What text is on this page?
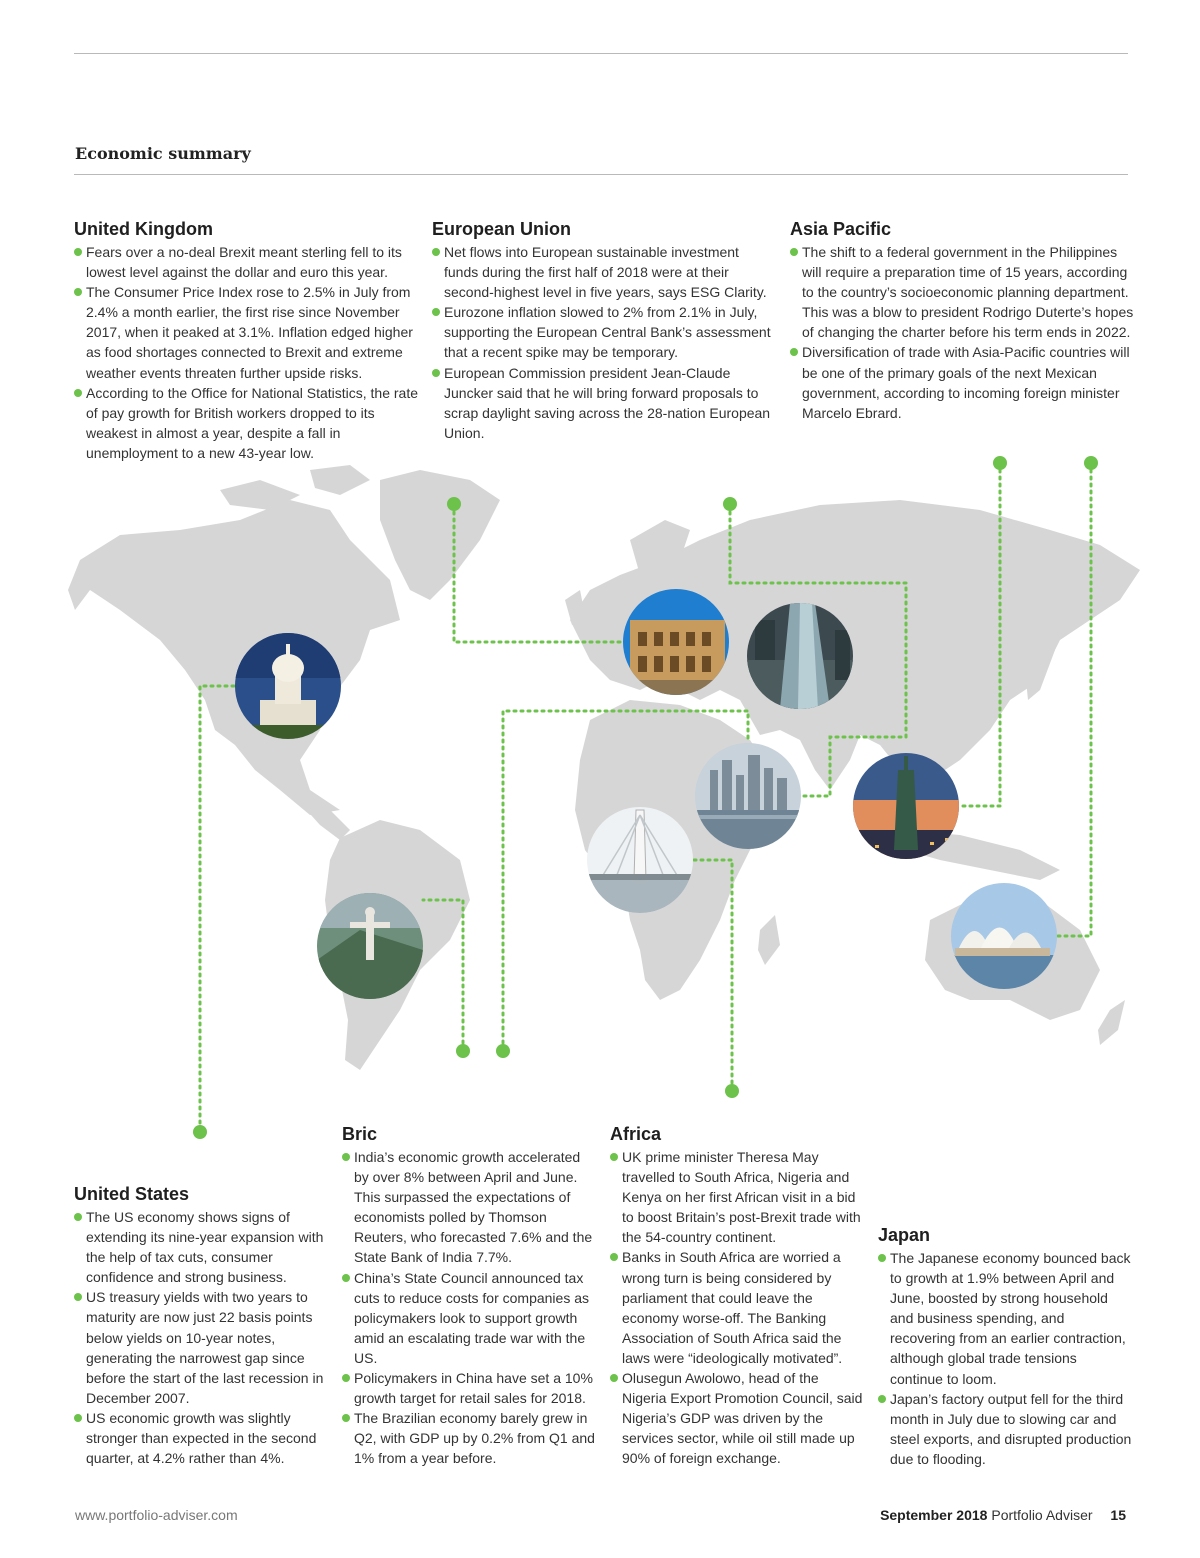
Economic summary
United Kingdom
Fears over a no-deal Brexit meant sterling fell to its lowest level against the dollar and euro this year.
The Consumer Price Index rose to 2.5% in July from 2.4% a month earlier, the first rise since November 2017, when it peaked at 3.1%. Inflation edged higher as food shortages connected to Brexit and extreme weather events threaten further upside risks.
According to the Office for National Statistics, the rate of pay growth for British workers dropped to its weakest in almost a year, despite a fall in unemployment to a new 43-year low.
European Union
Net flows into European sustainable investment funds during the first half of 2018 were at their second-highest level in five years, says ESG Clarity.
Eurozone inflation slowed to 2% from 2.1% in July, supporting the European Central Bank’s assessment that a recent spike may be temporary.
European Commission president Jean-Claude Juncker said that he will bring forward proposals to scrap daylight saving across the 28-nation European Union.
Asia Pacific
The shift to a federal government in the Philippines will require a preparation time of 15 years, according to the country’s socioeconomic planning department. This was a blow to president Rodrigo Duterte’s hopes of changing the charter before his term ends in 2022.
Diversification of trade with Asia-Pacific countries will be one of the primary goals of the next Mexican government, according to incoming foreign minister Marcelo Ebrard.
United States
The US economy shows signs of extending its nine-year expansion with the help of tax cuts, consumer confidence and strong business.
US treasury yields with two years to maturity are now just 22 basis points below yields on 10-year notes, generating the narrowest gap since before the start of the last recession in December 2007.
US economic growth was slightly stronger than expected in the second quarter, at 4.2% rather than 4%.
Bric
India’s economic growth accelerated by over 8% between April and June. This surpassed the expectations of economists polled by Thomson Reuters, who forecasted 7.6% and the State Bank of India 7.7%.
China’s State Council announced tax cuts to reduce costs for companies as policymakers look to support growth amid an escalating trade war with the US.
Policymakers in China have set a 10% growth target for retail sales for 2018.
The Brazilian economy barely grew in Q2, with GDP up by 0.2% from Q1 and 1% from a year before.
Africa
UK prime minister Theresa May travelled to South Africa, Nigeria and Kenya on her first African visit in a bid to boost Britain’s post-Brexit trade with the 54-country continent.
Banks in South Africa are worried a wrong turn is being considered by parliament that could leave the economy worse-off. The Banking Association of South Africa said the laws were “ideologically motivated”.
Olusegun Awolowo, head of the Nigeria Export Promotion Council, said Nigeria’s GDP was driven by the services sector, while oil still made up 90% of foreign exchange.
Japan
The Japanese economy bounced back to growth at 1.9% between April and June, boosted by strong household and business spending, and recovering from an earlier contraction, although global trade tensions continue to loom.
Japan’s factory output fell for the third month in July due to slowing car and steel exports, and disrupted production due to flooding.
www.portfolio-adviser.com	September 2018 Portfolio Adviser 15
